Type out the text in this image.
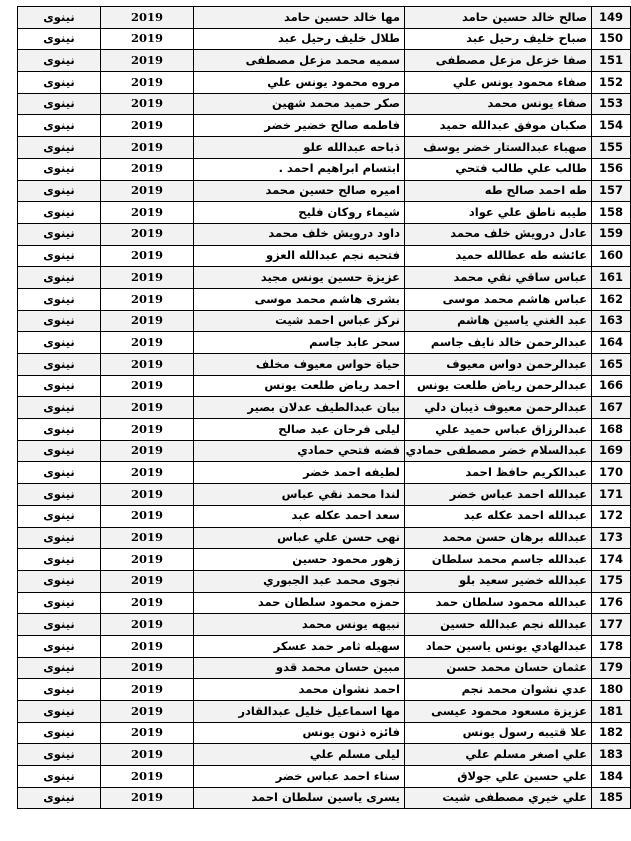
149	صالح خالد حسين حامد	مها خالد حسين حامد	2019	نينوى
150	صباح خليف رحيل عبد	طلال خليف رحيل عبد	2019	نينوى
151	صفا خزعل مزعل مصطفى	سميه محمد مزعل مصطفى	2019	نينوى
152	صفاء محمود يونس علي	مروه محمود يونس علي	2019	نينوى
153	صفاء يونس محمد	صكر حميد محمد شهين	2019	نينوى
154	صكبان موفق عبدالله حميد	فاطمه صالح خضير خضر	2019	نينوى
155	صهباء عبدالستار خضر يوسف	ذباحه عبدالله علو	2019	نينوى
156	طالب علي طالب فتحي	ابتسام ابراهيم احمد .	2019	نينوى
157	طه احمد صالح طه	اميره صالح حسين محمد	2019	نينوى
158	طيبه ناطق علي عواد	شيماء روكان فليح	2019	نينوى
159	عادل درويش خلف محمد	داود درويش خلف محمد	2019	نينوى
160	عائشه طه عطالله حميد	فتحيه نجم عبدالله العزو	2019	نينوى
161	عباس ساقي نقي محمد	عزيزة حسين يونس مجيد	2019	نينوى
162	عباس هاشم محمد موسى	بشرى هاشم محمد موسى	2019	نينوى
163	عبد الغني ياسين هاشم	نركز عباس احمد شيت	2019	نينوى
164	عبدالرحمن خالد نايف جاسم	سحر عابد جاسم	2019	نينوى
165	عبدالرحمن دواس معيوف	حياة حواس معيوف مخلف	2019	نينوى
166	عبدالرحمن رياض طلعت يونس	احمد رياض طلعت يونس	2019	نينوى
167	عبدالرحمن معيوف ذيبان دلي	بيان عبدالطيف عدلان بصير	2019	نينوى
168	عبدالرزاق عباس حميد علي	ليلى فرحان عبد صالح	2019	نينوى
169	عبدالسلام خضر مصطفى حمادي	فضه فتحي حمادي	2019	نينوى
170	عبدالكريم حافظ احمد	لطيفه احمد خضر	2019	نينوى
171	عبدالله احمد عباس خضر	لندا محمد نقي عباس	2019	نينوى
172	عبدالله احمد عكله عبد	سعد احمد عكله عبد	2019	نينوى
173	عبدالله برهان حسن محمد	نهى حسن علي عباس	2019	نينوى
174	عبدالله جاسم محمد سلطان	زهور محمود حسين	2019	نينوى
175	عبدالله خضير سعيد بلو	نجوى محمد عبد الجبوري	2019	نينوى
176	عبدالله محمود سلطان حمد	حمزه محمود سلطان حمد	2019	نينوى
177	عبدالله نجم عبدالله حسين	نبيهه يونس محمد	2019	نينوى
178	عبدالهادي يونس ياسين حماد	سهيله ثامر حمد عسكر	2019	نينوى
179	عثمان حسان محمد حسن	مبين حسان محمد قدو	2019	نينوى
180	عدي نشوان محمد نجم	احمد نشوان محمد	2019	نينوى
181	عزيزة مسعود محمود عيسى	مها اسماعيل خليل عبدالقادر	2019	نينوى
182	علا قتيبه رسول يونس	فائزه ذنون يونس	2019	نينوى
183	علي اصغر مسلم علي	ليلى مسلم علي	2019	نينوى
184	علي حسين علي جولاق	سناء احمد عباس خضر	2019	نينوى
185	علي خيري مصطفى شيت	يسرى ياسين سلطان احمد	2019	نينوى
